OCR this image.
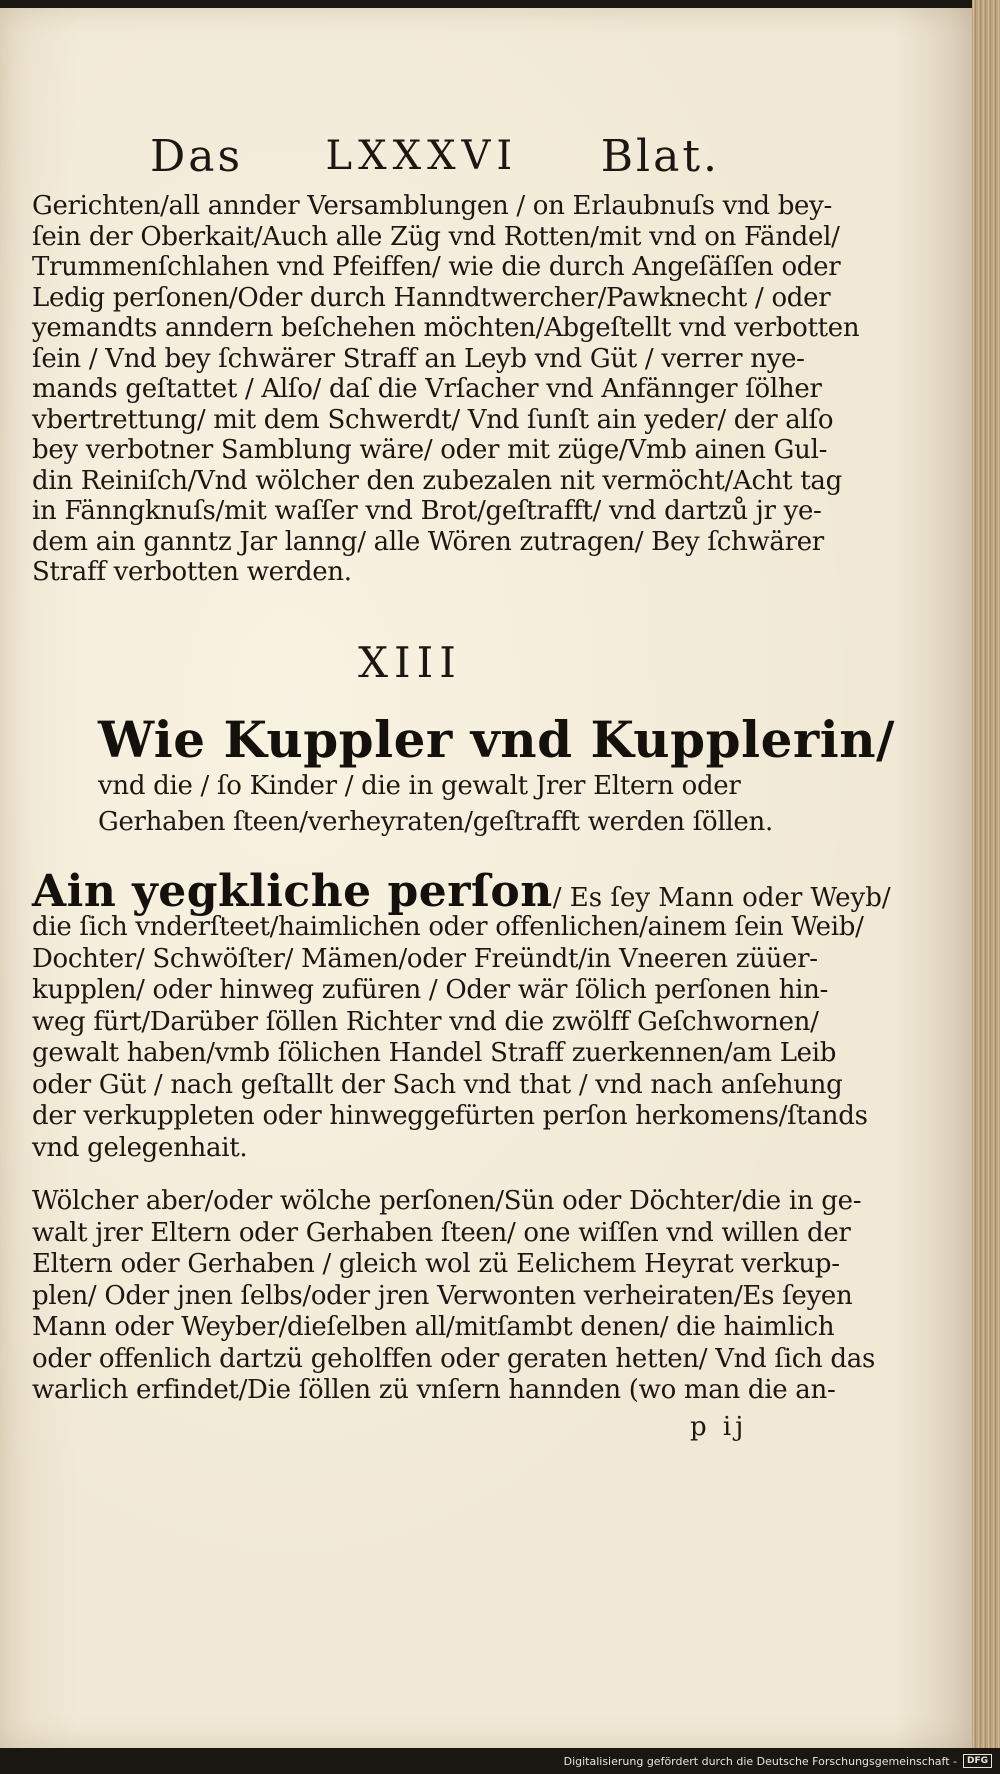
Das LXXXVI Blat.
Gerichten/all annder Versamblungen / on Erlaubnuſs vnd bey-
ſein der Oberkait/Auch alle Züg vnd Rotten/mit vnd on Fändel/
Trummenſchlahen vnd Pfeiffen/ wie die durch Angeſäſſen oder
Ledig perſonen/Oder durch Hanndtwercher/Pawknecht / oder
yemandts anndern beſchehen möchten/Abgeſtellt vnd verbotten
ſein / Vnd bey ſchwärer Straff an Leyb vnd Güt / verrer nye-
mands geſtattet / Alſo/ daſ die Vrſacher vnd Anfännger ſölher
vbertrettung/ mit dem Schwerdt/ Vnd ſunſt ain yeder/ der alſo
bey verbotner Samblung wäre/ oder mit züge/Vmb ainen Gul-
din Reiniſch/Vnd wölcher den zubezalen nit vermöcht/Acht tag
in Fänngknuſs/mit waſſer vnd Brot/geſtrafft/ vnd dartzů jr ye-
dem ain ganntz Jar lanng/ alle Wören zutragen/ Bey ſchwärer
Straff verbotten werden.
XIII
Wie Kuppler vnd Kupplerin/
vnd die / ſo Kinder / die in gewalt Jrer Eltern oder
Gerhaben ſteen/verheyraten/geſtrafft werden ſöllen.
Ain yegkliche perſon/ Es ſey Mann oder Weyb/
die ſich vnderſteet/haimlichen oder offenlichen/ainem ſein Weib/
Dochter/ Schwöſter/ Mämen/oder Freündt/in Vneeren züüer-
kupplen/ oder hinweg zufüren / Oder wär ſölich perſonen hin-
weg fürt/Darüber ſöllen Richter vnd die zwölff Geſchwornen/
gewalt haben/vmb ſölichen Handel Straff zuerkennen/am Leib
oder Güt / nach geſtallt der Sach vnd that / vnd nach anſehung
der verkuppleten oder hinweggefürten perſon herkomens/ſtands
vnd gelegenhait.
Wölcher aber/oder wölche perſonen/Sün oder Döchter/die in ge-
walt jrer Eltern oder Gerhaben ſteen/ one wiſſen vnd willen der
Eltern oder Gerhaben / gleich wol zü Eelichem Heyrat verkup-
plen/ Oder jnen ſelbs/oder jren Verwonten verheiraten/Es ſeyen
Mann oder Weyber/dieſelben all/mitſambt denen/ die haimlich
oder offenlich dartzü geholffen oder geraten hetten/ Vnd ſich das
warlich erfindet/Die ſöllen zü vnſern hannden (wo man die an-
p ij
Digitalisierung gefördert durch die Deutsche Forschungsgemeinschaft -	DFG
